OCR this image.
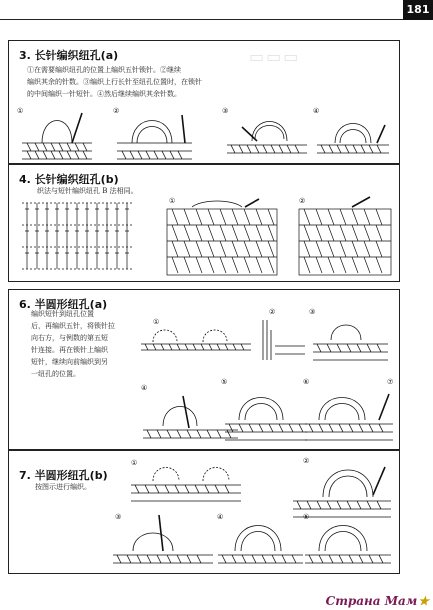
181
3. 长针编织纽孔(a)
①在需要编织纽孔的位置上编织五针锁针。②继续
编织其余的针数。③编织上行长针至纽孔位置时，在锁针
的中间编织一针短针。④然后继续编织其余针数。
▭▭▭
①	②	③	④
4. 长针编织纽孔(b)
织法与短针编织纽孔 B 法相同。
①	②
6. 半圆形纽孔(a)
编织短针到纽孔位置
后，再编织五针，将锁针拉
向右方，与例数的第五短
针连接。再在锁针上编织
短针，继续向前编织到另
一纽孔的位置。
①
②	③
④
⑤	⑥	⑦
7. 半圆形纽孔(b)
按图示进行编织。
①	②
③	④	⑤
Страна Мам★
